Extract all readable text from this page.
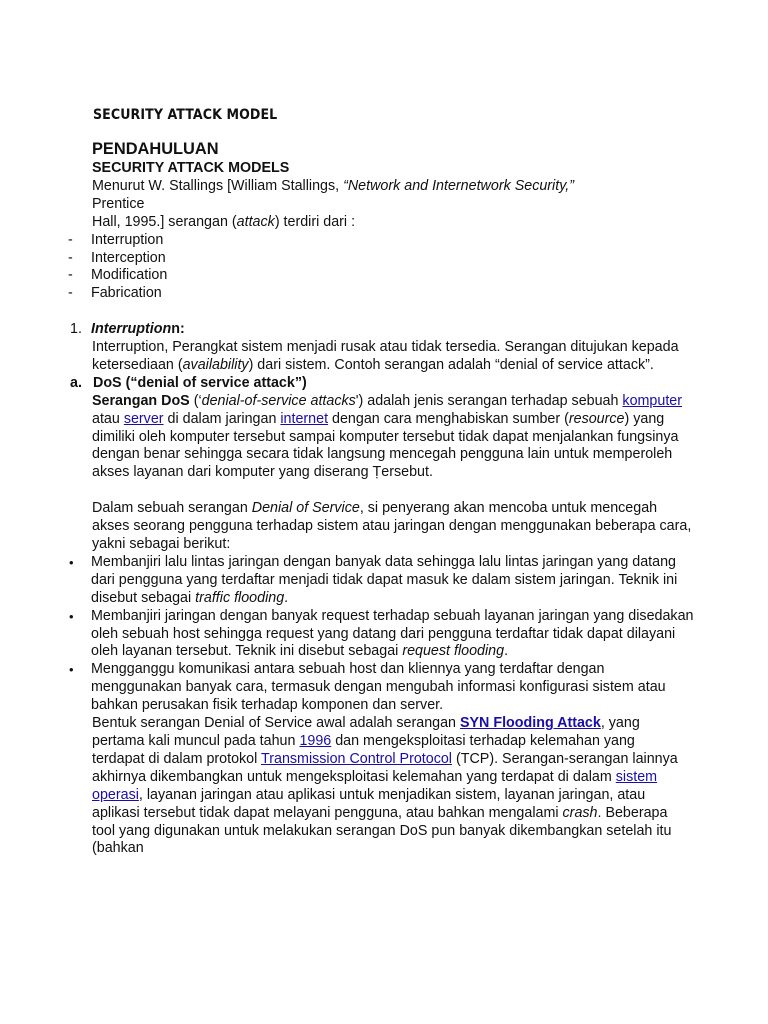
SECURITY ATTACK MODEL

PENDAHULUAN

SECURITY ATTACK MODELS

Menurut W. Stallings [William Stallings, “Network and Internetwork Security,”

Prentice

Hall, 1995.] serangan (attack) terdiri dari :

-	Interruption
-	Interception
-	Modification
-	Fabrication
1. Interruptionn:

Interruption, Perangkat sistem menjadi rusak atau tidak tersedia. Serangan ditujukan kepada ketersediaan (availability) dari sistem. Contoh serangan adalah “denial of service attack”.

a. DoS (“denial of service attack”)

Serangan DoS (‘denial-of-service attacks') adalah jenis serangan terhadap sebuah komputer atau server di dalam jaringan internet dengan cara menghabiskan sumber (resource) yang dimiliki oleh komputer tersebut sampai komputer tersebut tidak dapat menjalankan fungsinya dengan benar sehingga secara tidak langsung mencegah pengguna lain untuk memperoleh akses layanan dari komputer yang diserang Ṭersebut.

Dalam sebuah serangan Denial of Service, si penyerang akan mencoba untuk mencegah akses seorang pengguna terhadap sistem atau jaringan dengan menggunakan beberapa cara, yakni sebagai berikut:

•	Membanjiri lalu lintas jaringan dengan banyak data sehingga lalu lintas jaringan yang datang dari pengguna yang terdaftar menjadi tidak dapat masuk ke dalam sistem jaringan. Teknik ini disebut sebagai traffic flooding.
•	Membanjiri jaringan dengan banyak request terhadap sebuah layanan jaringan yang disedakan oleh sebuah host sehingga request yang datang dari pengguna terdaftar tidak dapat dilayani oleh layanan tersebut. Teknik ini disebut sebagai request flooding.
•	Mengganggu komunikasi antara sebuah host dan kliennya yang terdaftar dengan menggunakan banyak cara, termasuk dengan mengubah informasi konfigurasi sistem atau bahkan perusakan fisik terhadap komponen dan server.

Bentuk serangan Denial of Service awal adalah serangan SYN Flooding Attack, yang pertama kali muncul pada tahun 1996 dan mengeksploitasi terhadap kelemahan yang terdapat di dalam protokol Transmission Control Protocol (TCP). Serangan-serangan lainnya akhirnya dikembangkan untuk mengeksploitasi kelemahan yang terdapat di dalam sistem operasi, layanan jaringan atau aplikasi untuk menjadikan sistem, layanan jaringan, atau aplikasi tersebut tidak dapat melayani pengguna, atau bahkan mengalami crash. Beberapa tool yang digunakan untuk melakukan serangan DoS pun banyak dikembangkan setelah itu (bahkan
